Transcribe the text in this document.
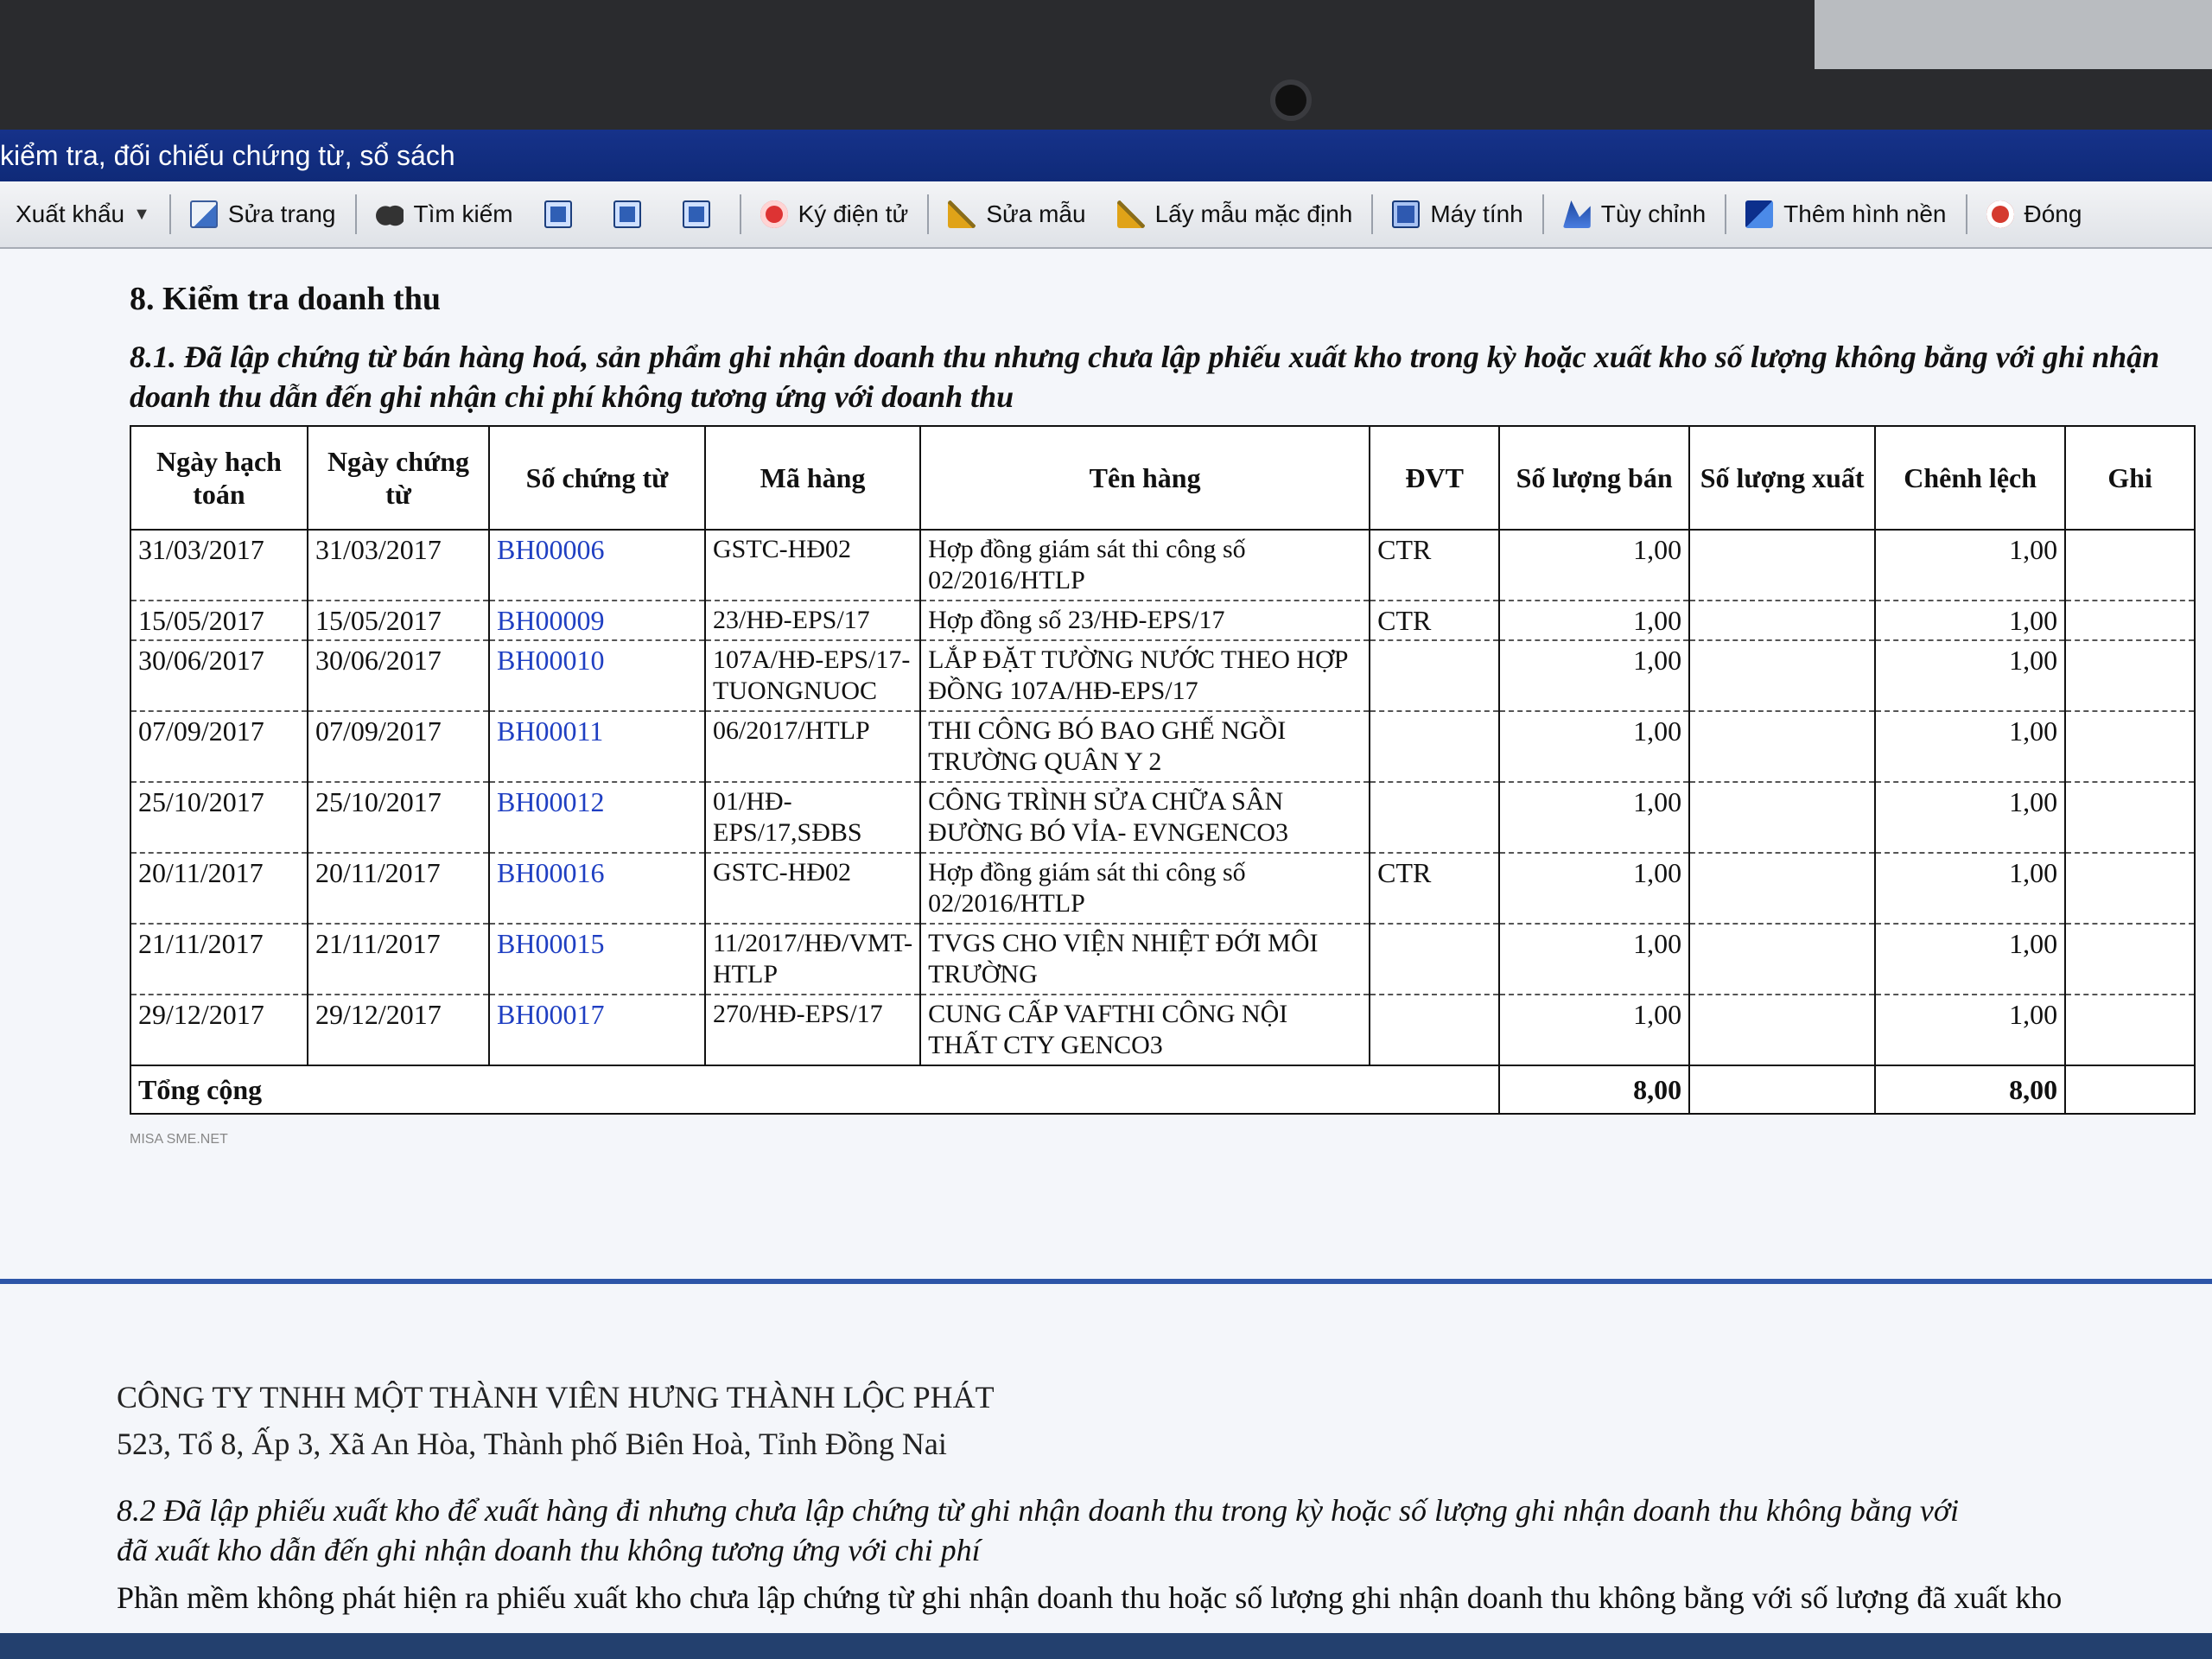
kiểm tra, đối chiếu chứng từ, sổ sách
Xuất khẩu ▼	Sửa trang	Tìm kiếm	Ký điện tử	Sửa mẫu	Lấy mẫu mặc định	Máy tính	Tùy chỉnh	Thêm hình nền	Đóng
8. Kiểm tra doanh thu
8.1. Đã lập chứng từ bán hàng hoá, sản phẩm ghi nhận doanh thu nhưng chưa lập phiếu xuất kho trong kỳ hoặc xuất kho số lượng không bằng với ghi nhận doanh thu dẫn đến ghi nhận chi phí không tương ứng với doanh thu
Ngày hạch toán	Ngày chứng từ	Số chứng từ	Mã hàng	Tên hàng	ĐVT	Số lượng bán	Số lượng xuất	Chênh lệch	Ghi
31/03/2017	31/03/2017	BH00006	GSTC-HĐ02	Hợp đồng giám sát thi công số 02/2016/HTLP	CTR	1,00		1,00	
15/05/2017	15/05/2017	BH00009	23/HĐ-EPS/17	Hợp đồng số 23/HĐ-EPS/17	CTR	1,00		1,00	
30/06/2017	30/06/2017	BH00010	107A/HĐ-EPS/17-TUONGNUOC	LẮP ĐẶT TƯỜNG NƯỚC THEO HỢP ĐỒNG 107A/HĐ-EPS/17		1,00		1,00	
07/09/2017	07/09/2017	BH00011	06/2017/HTLP	THI CÔNG BÓ BAO GHẾ NGỒI TRƯỜNG QUÂN Y 2		1,00		1,00	
25/10/2017	25/10/2017	BH00012	01/HĐ-EPS/17,SĐBS	CÔNG TRÌNH SỬA CHỮA SÂN ĐƯỜNG BÓ VỈA- EVNGENCO3		1,00		1,00	
20/11/2017	20/11/2017	BH00016	GSTC-HĐ02	Hợp đồng giám sát thi công số 02/2016/HTLP	CTR	1,00		1,00	
21/11/2017	21/11/2017	BH00015	11/2017/HĐ/VMT-HTLP	TVGS CHO VIỆN NHIỆT ĐỚI MÔI TRƯỜNG		1,00		1,00	
29/12/2017	29/12/2017	BH00017	270/HĐ-EPS/17	CUNG CẤP VAFTHI CÔNG NỘI THẤT CTY GENCO3		1,00		1,00	
Tổng cộng						8,00		8,00	
MISA SME.NET
CÔNG TY TNHH MỘT THÀNH VIÊN HƯNG THÀNH LỘC PHÁT
523, Tổ 8, Ấp 3, Xã An Hòa, Thành phố Biên Hoà, Tỉnh Đồng Nai
8.2 Đã lập phiếu xuất kho để xuất hàng đi nhưng chưa lập chứng từ ghi nhận doanh thu trong kỳ hoặc số lượng ghi nhận doanh thu không bằng với
đã xuất kho dẫn đến ghi nhận doanh thu không tương ứng với chi phí
Phần mềm không phát hiện ra phiếu xuất kho chưa lập chứng từ ghi nhận doanh thu hoặc số lượng ghi nhận doanh thu không bằng với số lượng đã xuất kho
